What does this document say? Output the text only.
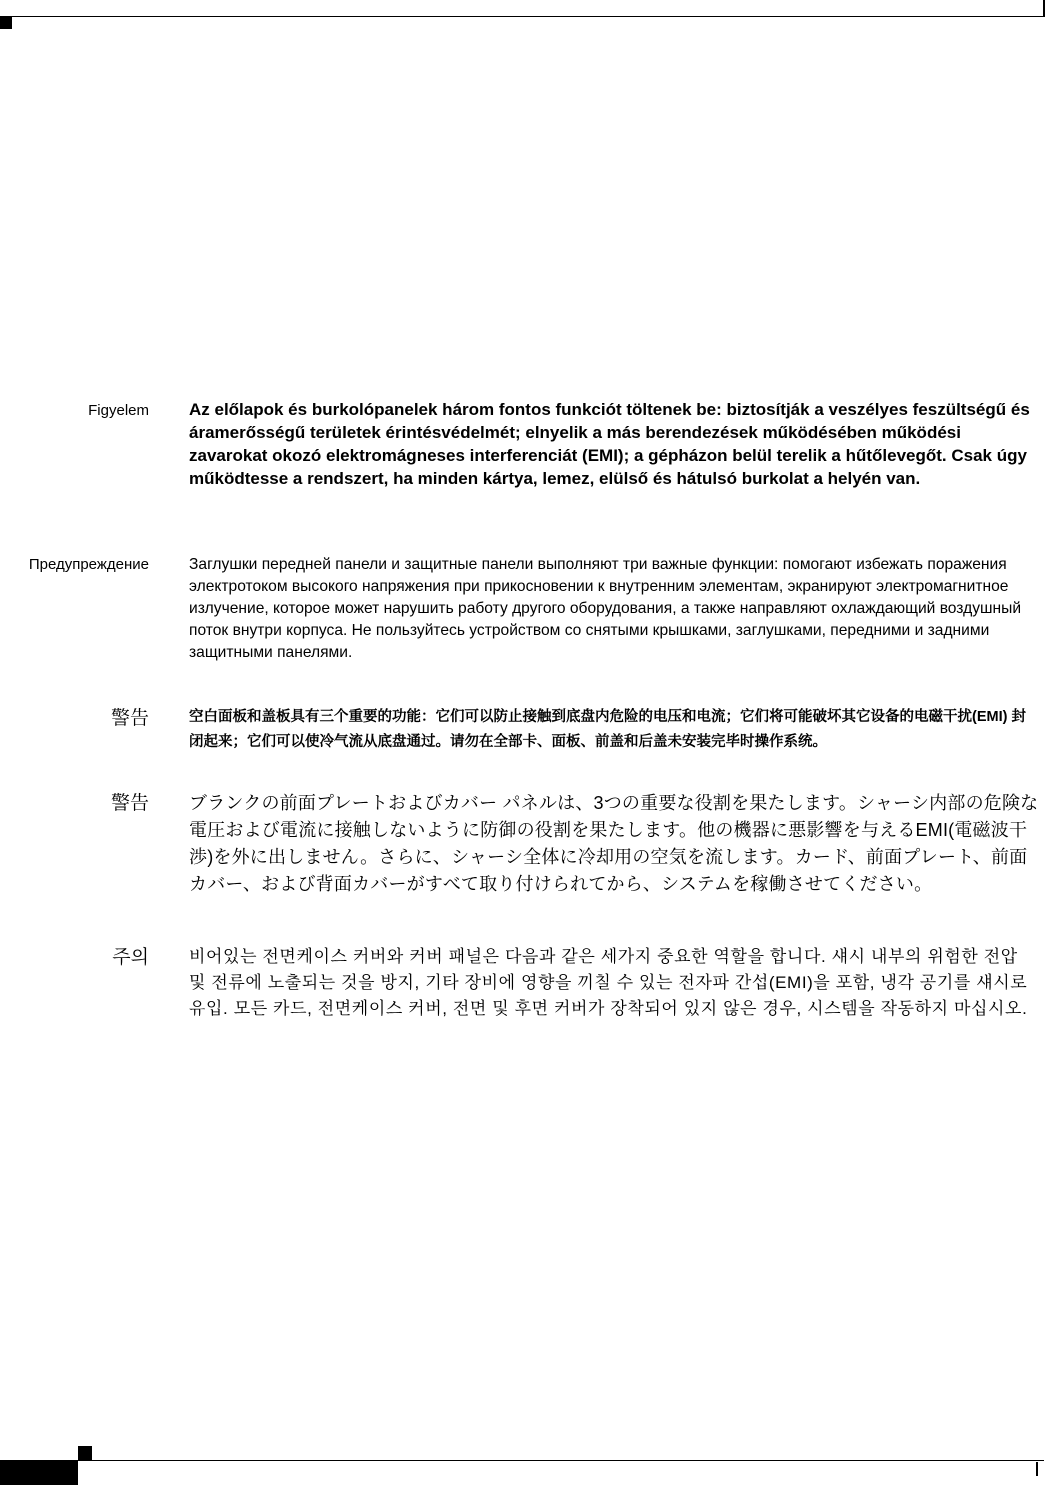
Figyelem Az előlapok és burkolópanelek három fontos funkciót töltenek be: biztosítják a veszélyes feszültségű és áramerősségű területek érintésvédelmét; elnyelik a más berendezések működésében működési zavarokat okozó elektromágneses interferenciát (EMI); a gépházon belül terelik a hűtőlevegőt. Csak úgy működtesse a rendszert, ha minden kártya, lemez, elülső és hátulsó burkolat a helyén van.

Предупреждение	Заглушки передней панели и защитные панели выполняют три важные функции: помогают избежать поражения электротоком высокого напряжения при прикосновении к внутренним элементам, экранируют электромагнитное излучение, которое может нарушить работу другого оборудования, а также направляют охлаждающий воздушный поток внутри корпуса. Не пользуйтесь устройством со снятыми крышками, заглушками, передними и задними защитными панелями.

警告	空白面板和盖板具有三个重要的功能：它们可以防止接触到底盘内危险的电压和电流；它们将可能破坏其它设备的电磁干扰(EMI) 封闭起来；它们可以使冷气流从底盘通过。请勿在全部卡、面板、前盖和后盖未安装完毕时操作系统。

警告 ブランクの前面プレートおよびカバー パネルは、3つの重要な役割を果たします。シャーシ内部の危険な電圧および電流に接触しないように防御の役割を果たします。他の機器に悪影響を与えるEMI(電磁波干渉)を外に出しません。さらに、シャーシ全体に冷却用の空気を流します。カード、前面プレート、前面カバー、および背面カバーがすべて取り付けられてから、システムを稼働させてください。

주의 비어있는 전면케이스 커버와 커버 패널은 다음과 같은 세가지 중요한 역할을 합니다. 섀시 내부의 위험한 전압 및 전류에 노출되는 것을 방지, 기타 장비에 영향을 끼칠 수 있는 전자파 간섭(EMI)을 포함, 냉각 공기를 섀시로 유입. 모든 카드, 전면케이스 커버, 전면 및 후면 커버가 장착되어 있지 않은 경우, 시스템을 작동하지 마십시오.
